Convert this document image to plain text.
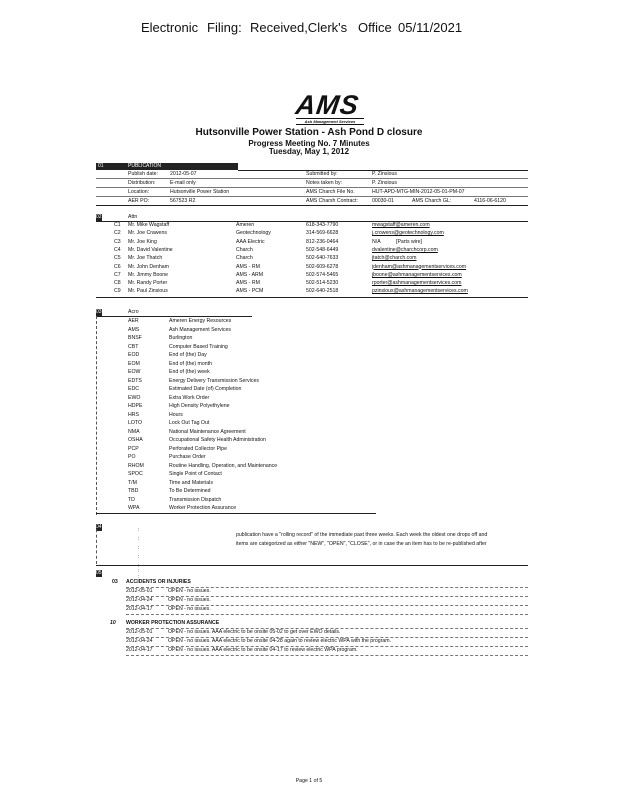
Electronic Filing: Received,Clerk's Office 05/11/2021
AMS
Ash Management Services
Hutsonville Power Station - Ash Pond D closure
Progress Meeting No. 7 Minutes
Tuesday, May 1, 2012
01	PUBLICATION
Publish date: 2012-05-07	Submitted by:	P. Zinsious
Distribution:	E-mail only	Notes taken by:	P. Zinsious
Location:	Hutsonville Power Station	AMS Charch File No.	HUT-APD-MTG-MIN-2012-05-01-PM-07
AER PO:	567523 R2	AMS Charsh Contract:	00030-01	AMS Charch GL:	4116-06-6120
02	Attn
C1 Mr. Mike Wagstaff	Ameren	618-343-7790	mwagstaff@ameren.com
C2 Mr. Joe Crawens	Geotechnology	314-569-6628	j.crowens@geotechnology.com
C3 Mr. Joe King	AAA Electric	812-236-0464	N/A	[Parts wire]
C4 Mr. David Valentine	Charch	502-548-6449	dvalentine@charchcorp.com
C5 Mr. Joe Thatch	Charch	502-640-7633	jtatch@charch.com
C6 Mr. John Denham	AMS - RM	502-609-6278	jdenham@ashmanagementservices.com
C7 Mr. Jimmy Boone	AMS - ARM	502-574-5465	jboone@ashmanagementservices.com
C8 Mr. Randy Porter	AMS - RM	502-514-5230	rporter@ashmanagementservices.com
C9 Mr. Paul Zinsious	AMS - PCM	502-640-2518	pzinsious@ashmanagementservices.com
03	Acro
AER	Ameren Energy Resources
AMS	Ash Management Services
BNSF	Burlington
CBT	Computer Based Training
EOD	End of (the) Day
EOM	End of (the) month
EOW	End of (the) week
EDTS	Energy Delivery Transmission Services
EDC	Estimated Date (of) Completion
EWO	Extra Work Order
HDPE	High Density Polyethylene
HRS	Hours
LOTO	Lock Out Tag Out
NMA	National Maintenance Agreement
OSHA	Occupational Safety Health Administration
PCP	Perforated Collector Pipe
PO	Purchase Order
RHOM	Routine Handling, Operation, and Maintenance
SPOC	Single Point of Contact
T/M	Time and Materials
TBD	To Be Determined
TD	Transmission Dispatch
WPA	Worker Protection Assurance
04	:
:
:
:
:
publication have a "rolling record" of the immediate past three weeks. Each week the oldest one drops off and
items are categorized as either "NEW", "OPEN", "CLOSE", or in case the an item has to be re-published after
05	:
:
03 ACCIDENTS OR INJURIES
2012-05-01	OPEN - no issues.
2012-04-24	OPEN - no issues.
2012-04-17	OPEN - no issues.
10 WORKER PROTECTION ASSURANCE
2012-05-01	OPEN - no issues. AAA electric to be onsite 05-02 to get over EWO details.
2012-04-24	OPEN - no issues. AAA electric to be onsite 04-28 again to review electric WPA with the program.
2012-04-17	OPEN - no issues. AAA electric to be onsite 04-17 to review electric WPA program.
Page 1 of 5
